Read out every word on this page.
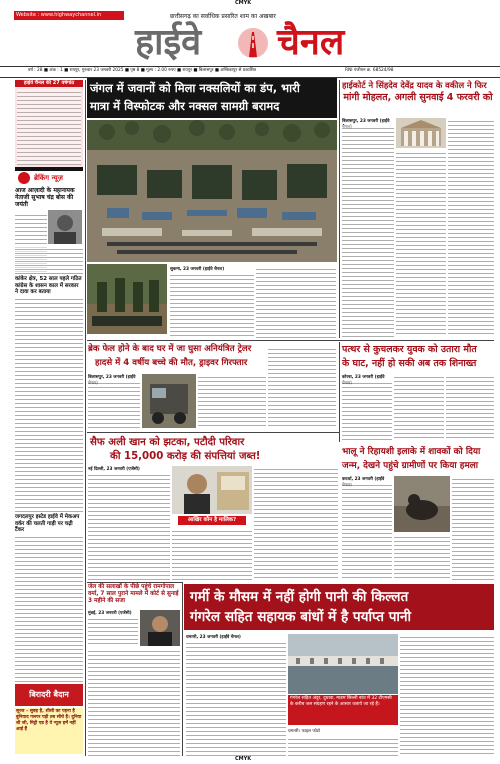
CMYK
Website : www.highwaychannel.in	छत्तीसगढ़ का सर्वाधिक प्रसारित शाम का अखबार
हाईवे चैनल
वर्ष : 28 ■ अंक : 1 ■ रायपुर, गुरुवार 23 जनवरी 2025 ■ पृष्ठ 8 ■ मूल्य : 2.00 रुपए ■ रायपुर ■ बिलासपुर ■ अम्बिकापुर से प्रकाशित	RNI पंजीयन क्र. 68524/98
हाईवे चैनल की 27 वर्षगांठ
ब्रेकिंग न्यूज़
आज आज़ादी के महानायक नेताजी सुभाष चंद्र बोस की जयंती
कांकेर क्षेत्र, 52 साल पहले गठित कांग्रेस के शासन काल में सरकार ने दावा कर बताया
जगदलपुर इस्टेड हाईवे में मेकअप वर्कर की चलती गाड़ी पर चढ़ी टैंकर
बिरादरी बैदान
सूरज – सुबह है, शीशी का पहना है बुनियाद गलपर पड़ी तब सीचे है। दुनिया शी जी, मिट्टी एड है ये न्यूज हमें नहीं आईं हैं
जंगल में जवानों को मिला नक्सलियों का डंप, भारी
मात्रा में विस्फोटक और नक्सल सामग्री बरामद
सुकमा, 23 जनवरी (हाईवे चैनल)
हाईकोर्ट ने सिंहदेव देवेंद्र यादव के वकील ने फिर
मांगी मोहलत, अगली सुनवाई 4 फरवरी को
बिलासपुर, 23 जनवरी (हाईवे
ब्रेक फेल होने के बाद घर में जा घुसा अनियंत्रित ट्रेलर
हादसे में 4 वर्षीय बच्चे की मौत, ड्राइवर गिरफ्तार
बिलासपुर, 23 जनवरी (हाईवे
पत्थर से कुचलकर युवक को उतारा मौत
के घाट, नहीं हो सकी अब तक शिनाख्त
कोरबा, 23 जनवरी (हाईवे
सैफ अली खान को झटका, पटौदी परिवार
की 15,000 करोड़ की संपत्तियां जब्त!
नई दिल्ली, 23 जनवरी (एजेंसी)
आखिर कौन है मालिक?
भालू ने रिहायशी इलाके में शावकों को दिया
जन्म, देखने पहुंचे ग्रामीणों पर किया हमला
कवर्धा, 23 जनवरी (हाईवे
जेल की सलाखों के पीछे पहुंचे रामगोपाल वर्मा, 7 साल पुराने मामले में कोर्ट से सुनाई 3 महीने की सजा
मुंबई, 23 जनवरी (एजेंसी)
गर्मी के मौसम में नहीं होगी पानी की किल्लत
गंगरेल सहित सहायक बांधों में है पर्याप्त पानी
धमतरी, 23 जनवरी (हाईवे चैनल)
गंगरेल सहित अंदुर, दुधावा, माडम सिल्ली बांध में 32 टीएमसी के करीब जल संग्रहण रहने के आसार जताये जा रहे हैं।
धमतरी। फाइल फोटो
CMYK
